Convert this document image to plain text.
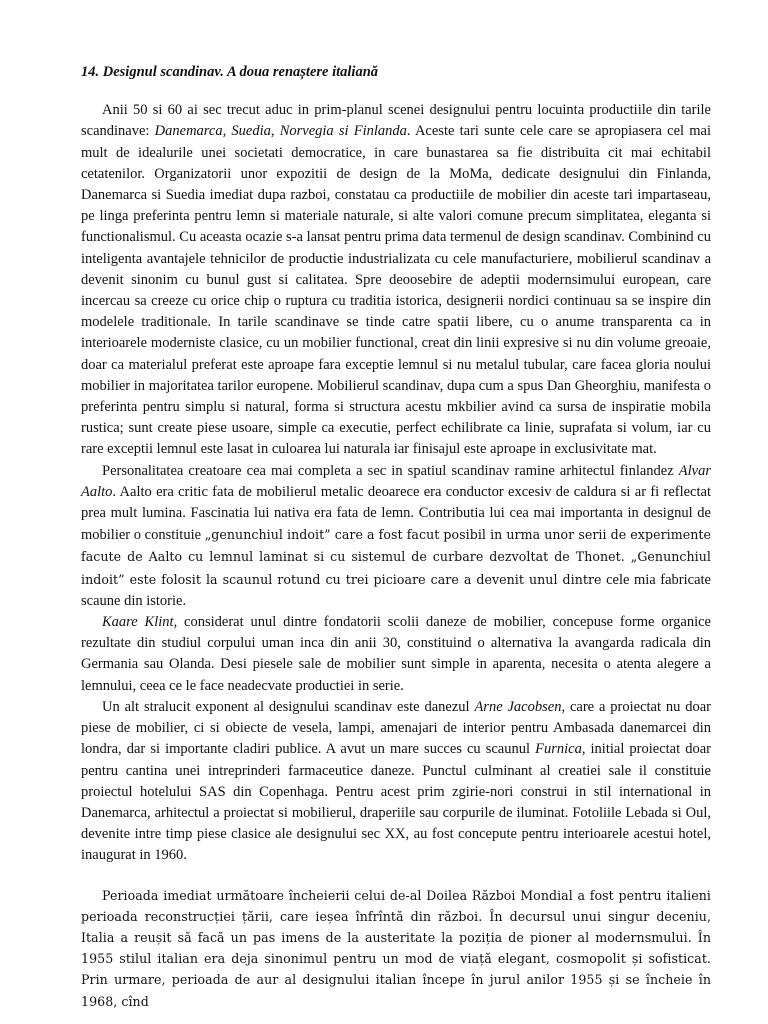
14. Designul scandinav. A doua renaștere italiană

Anii 50 si 60 ai sec trecut aduc in prim-planul scenei designului pentru locuinta productiile din tarile scandinave: Danemarca, Suedia, Norvegia si Finlanda. Aceste tari sunte cele care se apropiasera cel mai mult de idealurile unei societati democratice, in care bunastarea sa fie distribuita cit mai echitabil cetatenilor. Organizatorii unor expozitii de design de la MoMa, dedicate designului din Finlanda, Danemarca si Suedia imediat dupa razboi, constatau ca productiile de mobilier din aceste tari impartaseau, pe linga preferinta pentru lemn si materiale naturale, si alte valori comune precum simplitatea, eleganta si functionalismul. Cu aceasta ocazie s-a lansat pentru prima data termenul de design scandinav. Combinind cu inteligenta avantajele tehnicilor de productie industrializata cu cele manufacturiere, mobilierul scandinav a devenit sinonim cu bunul gust si calitatea. Spre deoosebire de adeptii modernsimului european, care incercau sa creeze cu orice chip o ruptura cu traditia istorica, designerii nordici continuau sa se inspire din modelele traditionale. In tarile scandinave se tinde catre spatii libere, cu o anume transparenta ca in interioarele moderniste clasice, cu un mobilier functional, creat din linii expresive si nu din volume greoaie, doar ca materialul preferat este aproape fara exceptie lemnul si nu metalul tubular, care facea gloria noului mobilier in majoritatea tarilor europene. Mobilierul scandinav, dupa cum a spus Dan Gheorghiu, manifesta o preferinta pentru simplu si natural, forma si structura acestu mkbilier avind ca sursa de inspiratie mobila rustica; sunt create piese usoare, simple ca executie, perfect echilibrate ca linie, suprafata si volum, iar cu rare exceptii lemnul este lasat in culoarea lui naturala iar finisajul este aproape in exclusivitate mat.

Personalitatea creatoare cea mai completa a sec in spatiul scandinav ramine arhitectul finlandez Alvar Aalto. Aalto era critic fata de mobilierul metalic deoarece era conductor excesiv de caldura si ar fi reflectat prea mult lumina. Fascinatia lui nativa era fata de lemn. Contributia lui cea mai importanta in designul de mobilier o constituie „genunchiul indoit” care a fost facut posibil in urma unor serii de experimente facute de Aalto cu lemnul laminat si cu sistemul de curbare dezvoltat de Thonet. „Genunchiul indoit” este folosit la scaunul rotund cu trei picioare care a devenit unul dintre cele mia fabricate scaune din istorie.

Kaare Klint, considerat unul dintre fondatorii scolii daneze de mobilier, concepuse forme organice rezultate din studiul corpului uman inca din anii 30, constituind o alternativa la avangarda radicala din Germania sau Olanda. Desi piesele sale de mobilier sunt simple in aparenta, necesita o atenta alegere a lemnului, ceea ce le face neadecvate productiei in serie.

Un alt stralucit exponent al designului scandinav este danezul Arne Jacobsen, care a proiectat nu doar piese de mobilier, ci si obiecte de vesela, lampi, amenajari de interior pentru Ambasada danemarcei din londra, dar si importante cladiri publice. A avut un mare succes cu scaunul Furnica, initial proiectat doar pentru cantina unei intreprinderi farmaceutice daneze. Punctul culminant al creatiei sale il constituie proiectul hotelului SAS din Copenhaga. Pentru acest prim zgirie-nori construi in stil international in Danemarca, arhitectul a proiectat si mobilierul, draperiile sau corpurile de iluminat. Fotoliile Lebada si Oul, devenite intre timp piese clasice ale designului sec XX, au fost concepute pentru interioarele acestui hotel, inaugurat in 1960.

Perioada imediat următoare încheierii celui de-al Doilea Război Mondial a fost pentru italieni perioada reconstrucției țării, care ieșea înfrîntă din război. În decursul unui singur deceniu, Italia a reușit să facă un pas imens de la austeritate la poziția de pioner al modernsmului. În 1955 stilul italian era deja sinonimul pentru un mod de viață elegant, cosmopolit și sofisticat. Prin urmare, perioada de aur al designului italian începe în jurul anilor 1955 și se încheie în 1968, cînd
